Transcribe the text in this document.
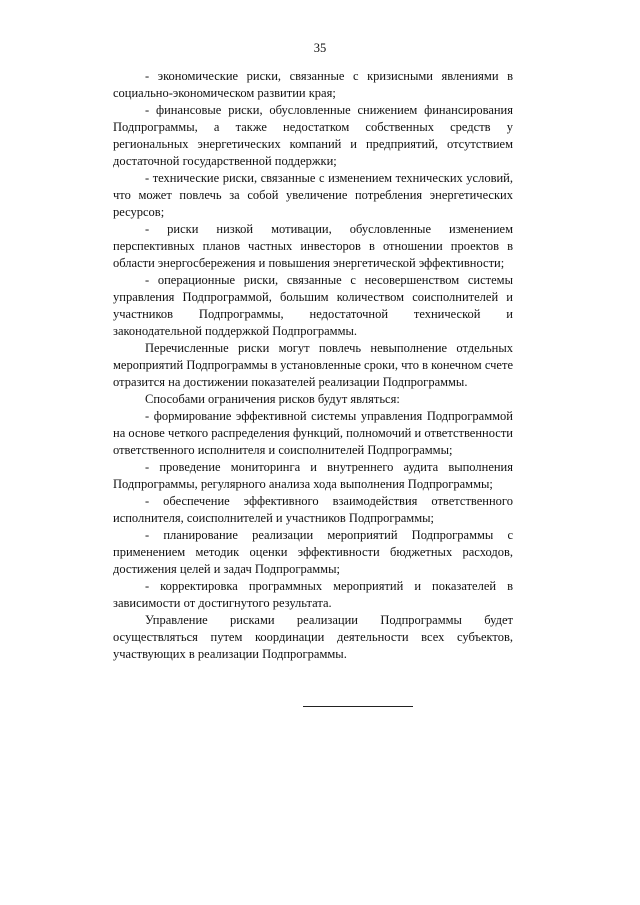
35

- экономические риски, связанные с кризисными явлениями в социально-экономическом развитии края;

- финансовые риски, обусловленные снижением финансирования Подпрограммы, а также недостатком собственных средств у региональных энергетических компаний и предприятий, отсутствием достаточной государственной поддержки;

- технические риски, связанные с изменением технических условий, что может повлечь за собой увеличение потребления энергетических ресурсов;

- риски низкой мотивации, обусловленные изменением перспективных планов частных инвесторов в отношении проектов в области энергосбережения и повышения энергетической эффективности;

- операционные риски, связанные с несовершенством системы управления Подпрограммой, большим количеством соисполнителей и участников Подпрограммы, недостаточной технической и законодательной поддержкой Подпрограммы.

Перечисленные риски могут повлечь невыполнение отдельных мероприятий Подпрограммы в установленные сроки, что в конечном счете отразится на достижении показателей реализации Подпрограммы.

Способами ограничения рисков будут являться:

- формирование эффективной системы управления Подпрограммой на основе четкого распределения функций, полномочий и ответственности ответственного исполнителя и соисполнителей Подпрограммы;

- проведение мониторинга и внутреннего аудита выполнения Подпрограммы, регулярного анализа хода выполнения Подпрограммы;

- обеспечение эффективного взаимодействия ответственного исполнителя, соисполнителей и участников Подпрограммы;

- планирование реализации мероприятий Подпрограммы с применением методик оценки эффективности бюджетных расходов, достижения целей и задач Подпрограммы;

- корректировка программных мероприятий и показателей в зависимости от достигнутого результата.

Управление рисками реализации Подпрограммы будет осуществляться путем координации деятельности всех субъектов, участвующих в реализации Подпрограммы.
